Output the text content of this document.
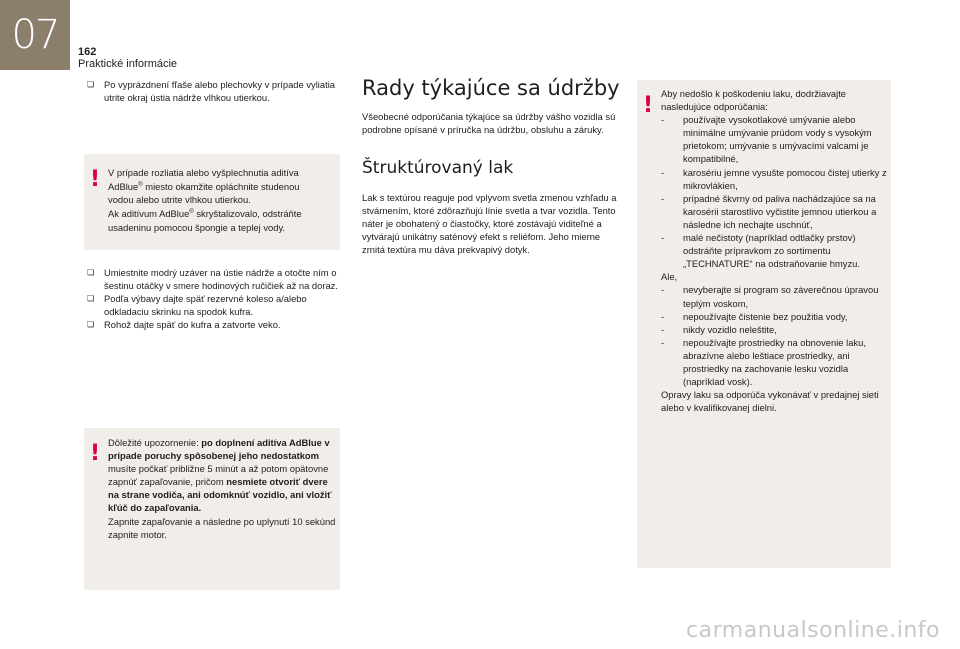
07	162
Praktické informácie
❏ Po vyprázdnení fľaše alebo plechovky v prípade vyliatia utrite okraj ústia nádrže vlhkou utierkou.
! V prípade rozliatia alebo vyšplechnutia aditíva
AdBlue® miesto okamžite opláchnite studenou
vodou alebo utrite vlhkou utierkou.
Ak aditívum AdBlue® skryštalizovalo, odstráňte
usadeninu pomocou špongie a teplej vody.
❏ Umiestnite modrý uzáver na ústie nádrže a otočte ním o šestinu otáčky v smere hodinových ručičiek až na doraz.
❏ Podľa výbavy dajte späť rezervné koleso a/alebo odkladaciu skrinku na spodok kufra.
❏ Rohož dajte späť do kufra a zatvorte veko.
! Dôležité upozornenie: po doplnení aditíva AdBlue v prípade poruchy spôsobenej jeho nedostatkom musíte počkať približne 5 minút a až potom opätovne zapnúť zapaľovanie, pričom nesmiete otvoriť dvere na strane vodiča, ani odomknúť vozidlo, ani vložiť kľúč do zapaľovania.
Zapnite zapaľovanie a následne po uplynutí 10 sekúnd zapnite motor.
Rady týkajúce sa údržby
Všeobecné odporúčania týkajúce sa údržby vášho vozidla sú podrobne opísané v príručka na údržbu, obsluhu a záruky.
Štruktúrovaný lak
Lak s textúrou reaguje pod vplyvom svetla zmenou vzhľadu a stvárnením, ktoré zdôrazňujú línie svetla a tvar vozidla. Tento náter je obohatený o čiastočky, ktoré zostávajú viditeľné a vytvárajú unikátny saténový efekt s reliéfom. Jeho mierne zrnitá textúra mu dáva prekvapivý dotyk.
! Aby nedošlo k poškodeniu laku, dodržiavajte nasledujúce odporúčania:
- používajte vysokotlakové umývanie alebo minimálne umývanie prúdom vody s vysokým prietokom; umývanie s umývacími valcami je kompatibilné,
- karosériu jemne vysušte pomocou čistej utierky z mikrovlákien,
- prípadné škvrny od paliva nachádzajúce sa na karosérii starostlivo vyčistite jemnou utierkou a následne ich nechajte uschnúť,
- malé nečistoty (napríklad odtlačky prstov) odstráňte prípravkom zo sortimentu „TECHNATURE“ na odstraňovanie hmyzu.
Ale,
- nevyberajte si program so záverečnou úpravou teplým voskom,
- nepoužívajte čistenie bez použitia vody,
- nikdy vozidlo neleštite,
- nepoužívajte prostriedky na obnovenie laku, abrazívne alebo leštiace prostriedky, ani prostriedky na zachovanie lesku vozidla (napríklad vosk).
Opravy laku sa odporúča vykonávať v predajnej sieti alebo v kvalifikovanej dielni.
carmanualsonline.info
